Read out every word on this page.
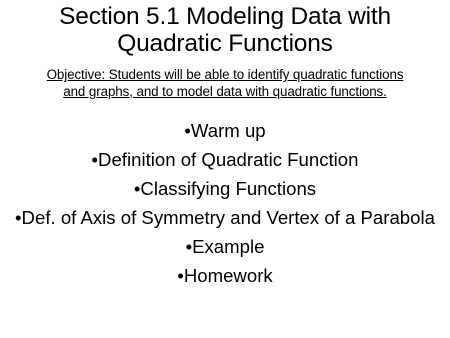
Section 5.1 Modeling Data with
Quadratic Functions
Objective: Students will be able to identify quadratic functions
and graphs, and to model data with quadratic functions.
•Warm up
•Definition of Quadratic Function
•Classifying Functions
•Def. of Axis of Symmetry and Vertex of a Parabola
•Example
•Homework
